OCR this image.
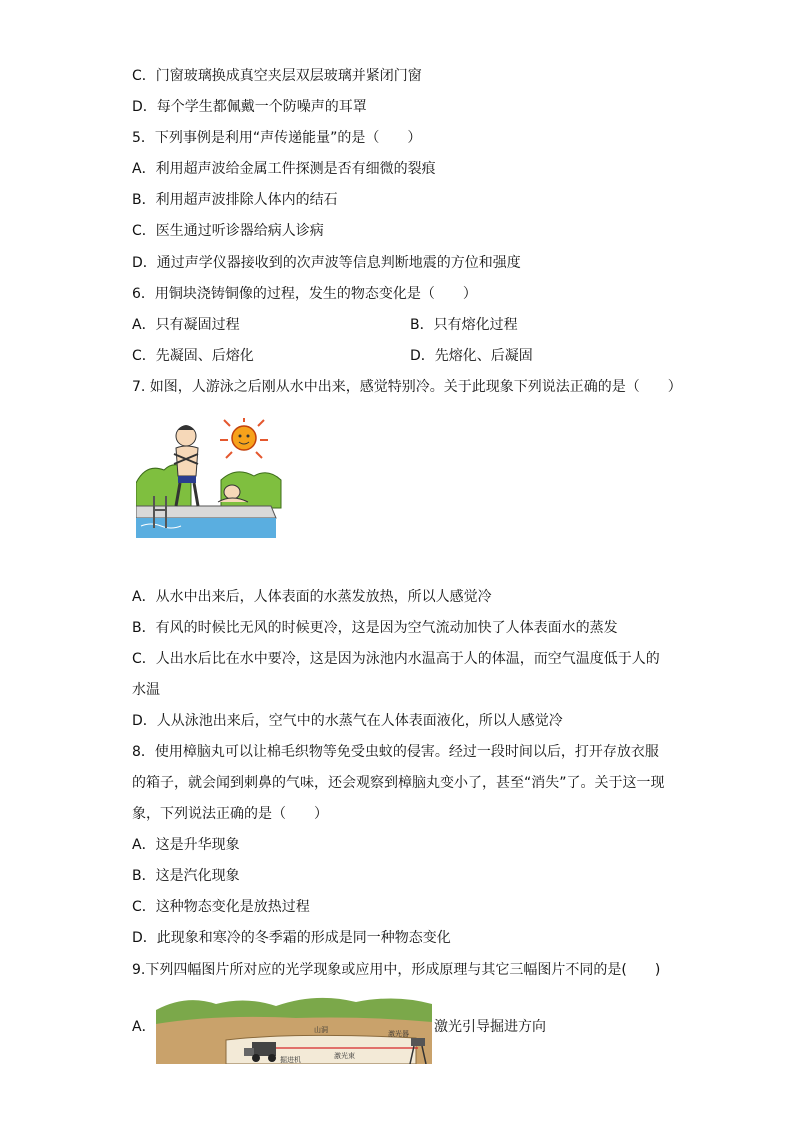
C．门窗玻璃换成真空夹层双层玻璃并紧闭门窗
D．每个学生都佩戴一个防噪声的耳罩
5．下列事例是利用“声传递能量”的是（　　）
A．利用超声波给金属工件探测是否有细微的裂痕
B．利用超声波排除人体内的结石
C．医生通过听诊器给病人诊病
D．通过声学仪器接收到的次声波等信息判断地震的方位和强度
6．用铜块浇铸铜像的过程，发生的物态变化是（　　）
A．只有凝固过程	B．只有熔化过程
C．先凝固、后熔化	D．先熔化、后凝固
7. 如图，人游泳之后刚从水中出来，感觉特别冷。关于此现象下列说法正确的是（　　）
A．从水中出来后，人体表面的水蒸发放热，所以人感觉冷
B．有风的时候比无风的时候更冷，这是因为空气流动加快了人体表面水的蒸发
C．人出水后比在水中要冷，这是因为泳池内水温高于人的体温，而空气温度低于人的
水温
D．人从泳池出来后，空气中的水蒸气在人体表面液化，所以人感觉冷
8．使用樟脑丸可以让棉毛织物等免受虫蚊的侵害。经过一段时间以后，打开存放衣服
的箱子，就会闻到刺鼻的气味，还会观察到樟脑丸变小了，甚至“消失”了。关于这一现
象，下列说法正确的是（　　）
A．这是升华现象
B．这是汽化现象
C．这种物态变化是放热过程
D．此现象和寒冷的冬季霜的形成是同一种物态变化
9.下列四幅图片所对应的光学现象或应用中，形成原理与其它三幅图片不同的是(　　)
A．	山洞	激光器
激光束
掘进机
激光引导掘进方向
